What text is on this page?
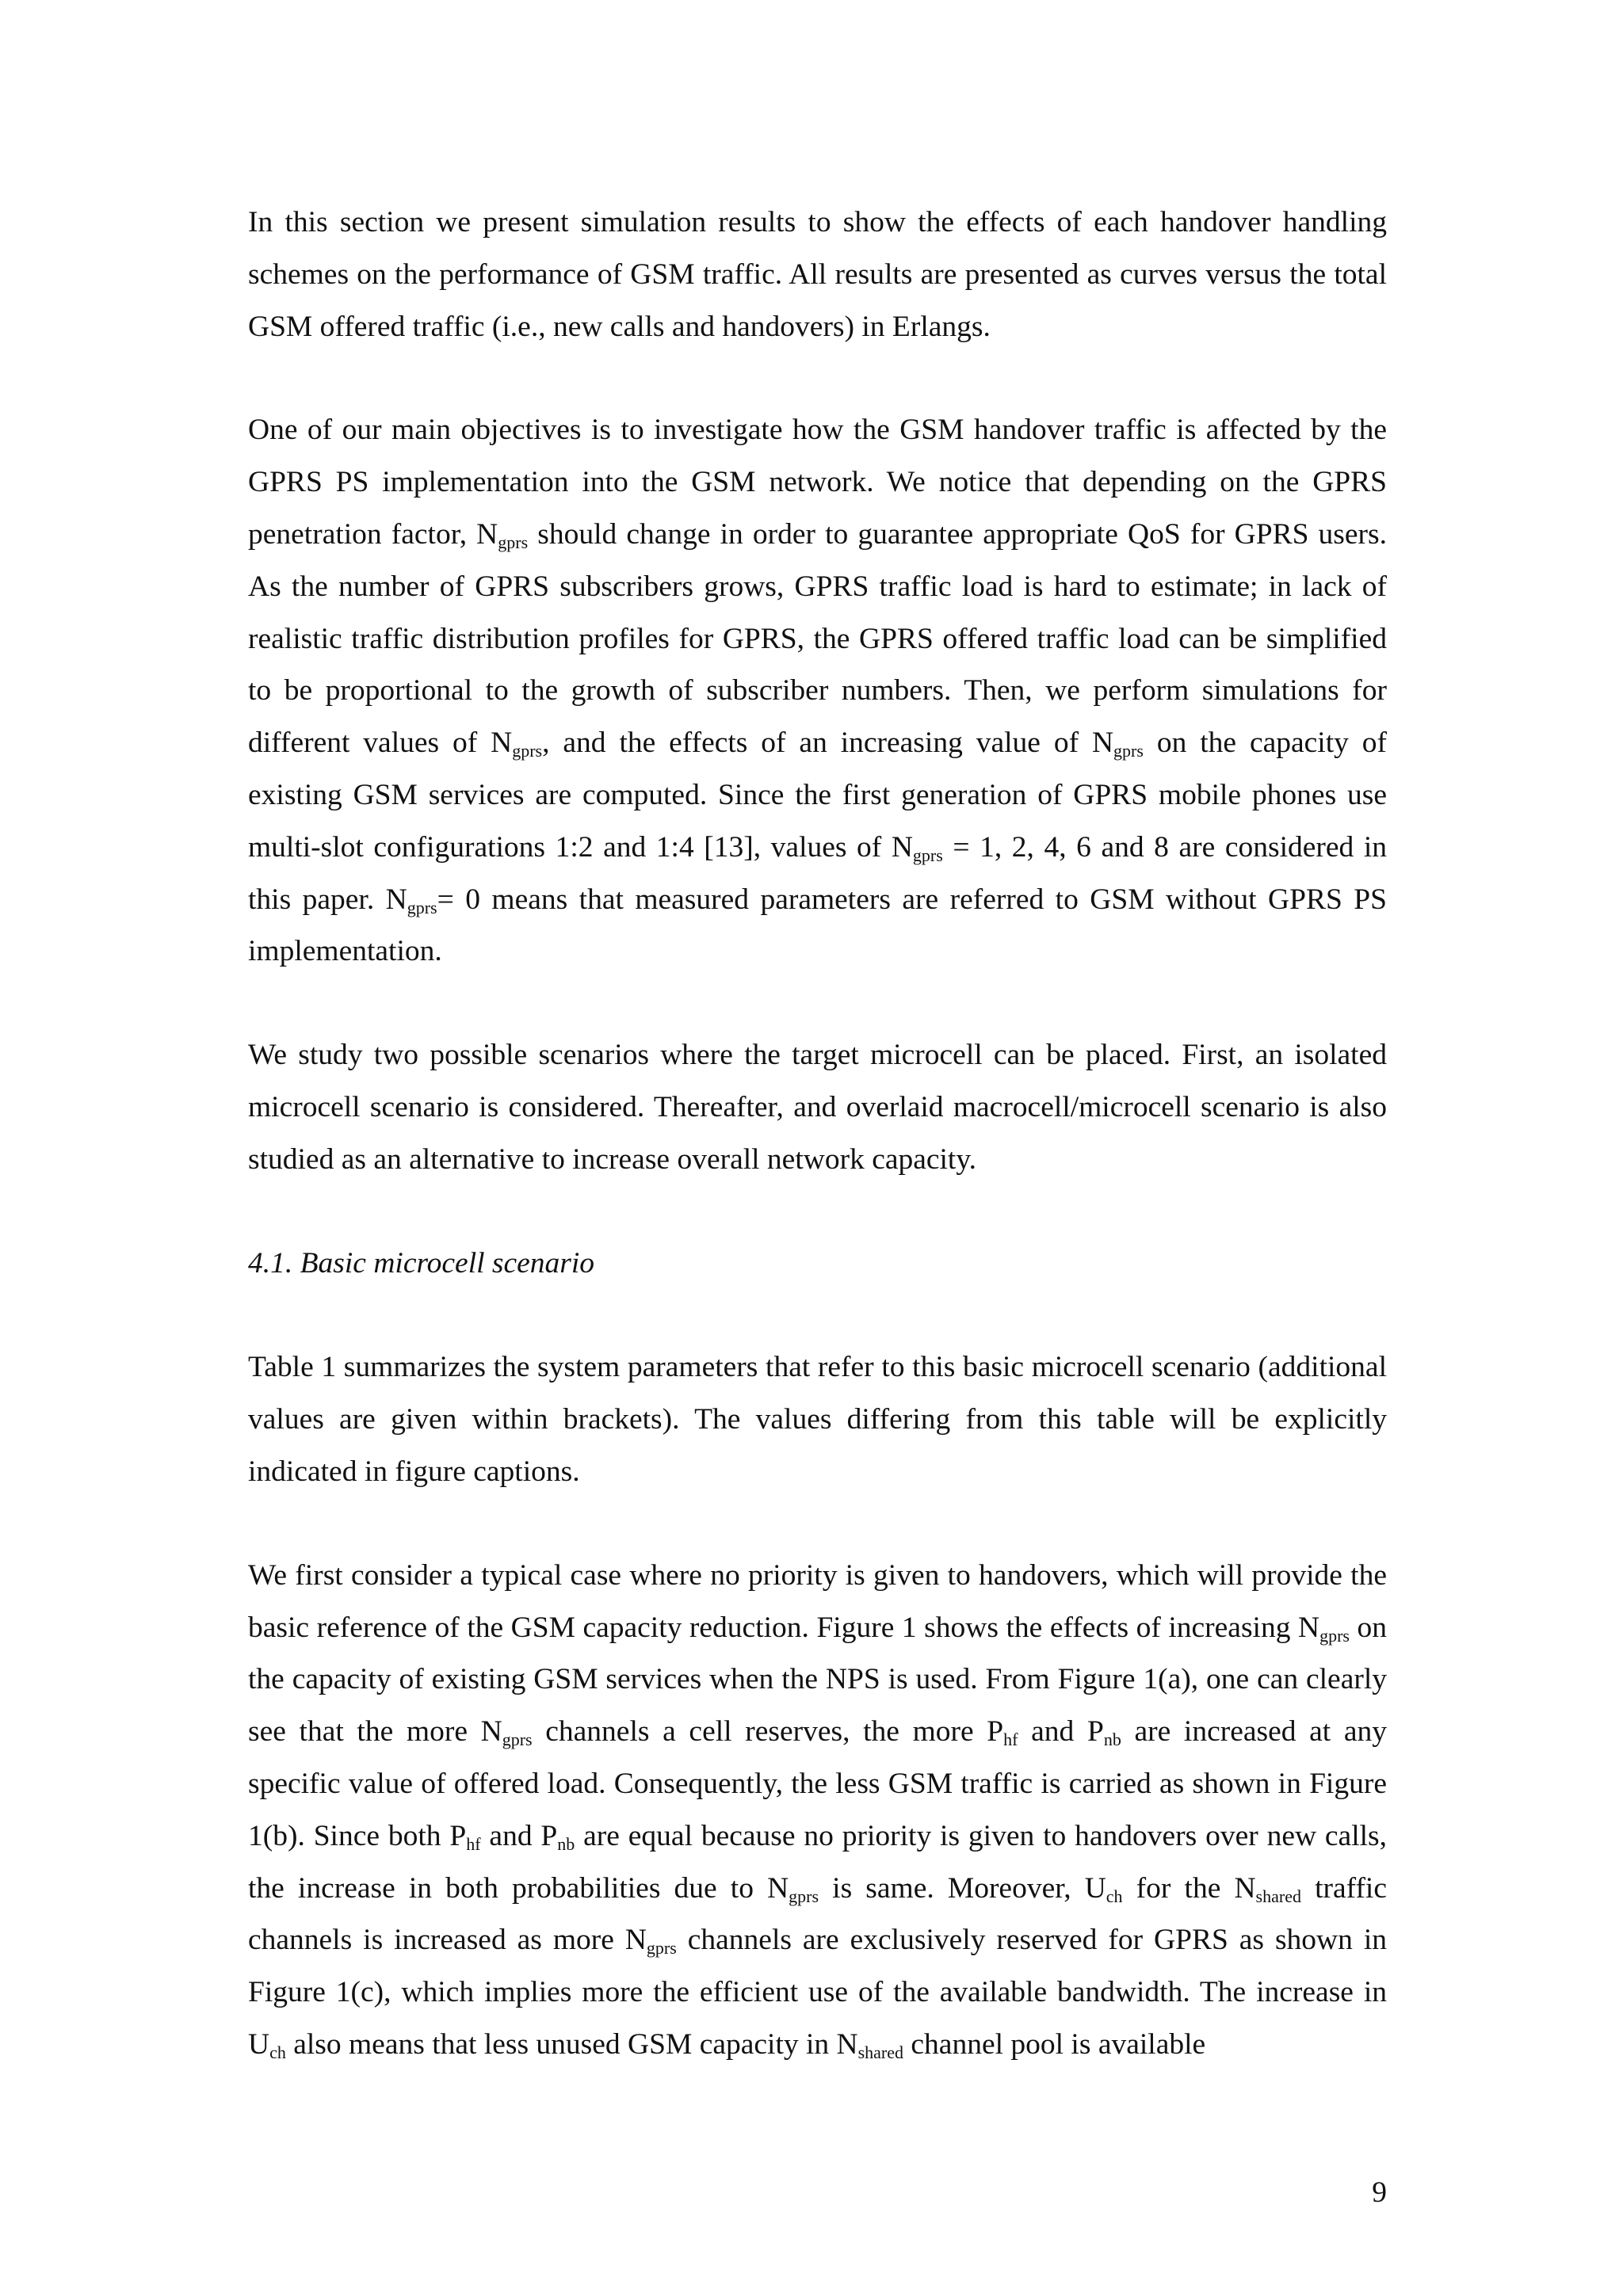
In this section we present simulation results to show the effects of each handover handling schemes on the performance of GSM traffic. All results are presented as curves versus the total GSM offered traffic (i.e., new calls and handovers) in Erlangs.

One of our main objectives is to investigate how the GSM handover traffic is affected by the GPRS PS implementation into the GSM network. We notice that depending on the GPRS penetration factor, $N_{gprs}$ should change in order to guarantee appropriate QoS for GPRS users. As the number of GPRS subscribers grows, GPRS traffic load is hard to estimate; in lack of realistic traffic distribution profiles for GPRS, the GPRS offered traffic load can be simplified to be proportional to the growth of subscriber numbers. Then, we perform simulations for different values of $N_{gprs}$, and the effects of an increasing value of $N_{gprs}$ on the capacity of existing GSM services are computed. Since the first generation of GPRS mobile phones use multi-slot configurations 1:2 and 1:4 [13], values of $N_{gprs} = 1$, 2, 4, 6 and 8 are considered in this paper. $N_{gprs}= 0$ means that measured parameters are referred to GSM without GPRS PS implementation.

We study two possible scenarios where the target microcell can be placed. First, an isolated microcell scenario is considered. Thereafter, and overlaid macrocell/microcell scenario is also studied as an alternative to increase overall network capacity.

4.1. Basic microcell scenario

Table 1 summarizes the system parameters that refer to this basic microcell scenario (additional values are given within brackets). The values differing from this table will be explicitly indicated in figure captions.

We first consider a typical case where no priority is given to handovers, which will provide the basic reference of the GSM capacity reduction. Figure 1 shows the effects of increasing $N_{gprs}$ on the capacity of existing GSM services when the NPS is used. From Figure 1(a), one can clearly see that the more $N_{gprs}$ channels a cell reserves, the more $P_{hf}$ and $P_{nb}$ are increased at any specific value of offered load. Consequently, the less GSM traffic is carried as shown in Figure 1(b). Since both $P_{hf}$ and $P_{nb}$ are equal because no priority is given to handovers over new calls, the increase in both probabilities due to $N_{gprs}$ is same. Moreover, $U_{ch}$ for the $N_{shared}$ traffic channels is increased as more $N_{gprs}$ channels are exclusively reserved for GPRS as shown in Figure 1(c), which implies more the efficient use of the available bandwidth. The increase in $U_{ch}$ also means that less unused GSM capacity in $N_{shared}$ channel pool is available

9
